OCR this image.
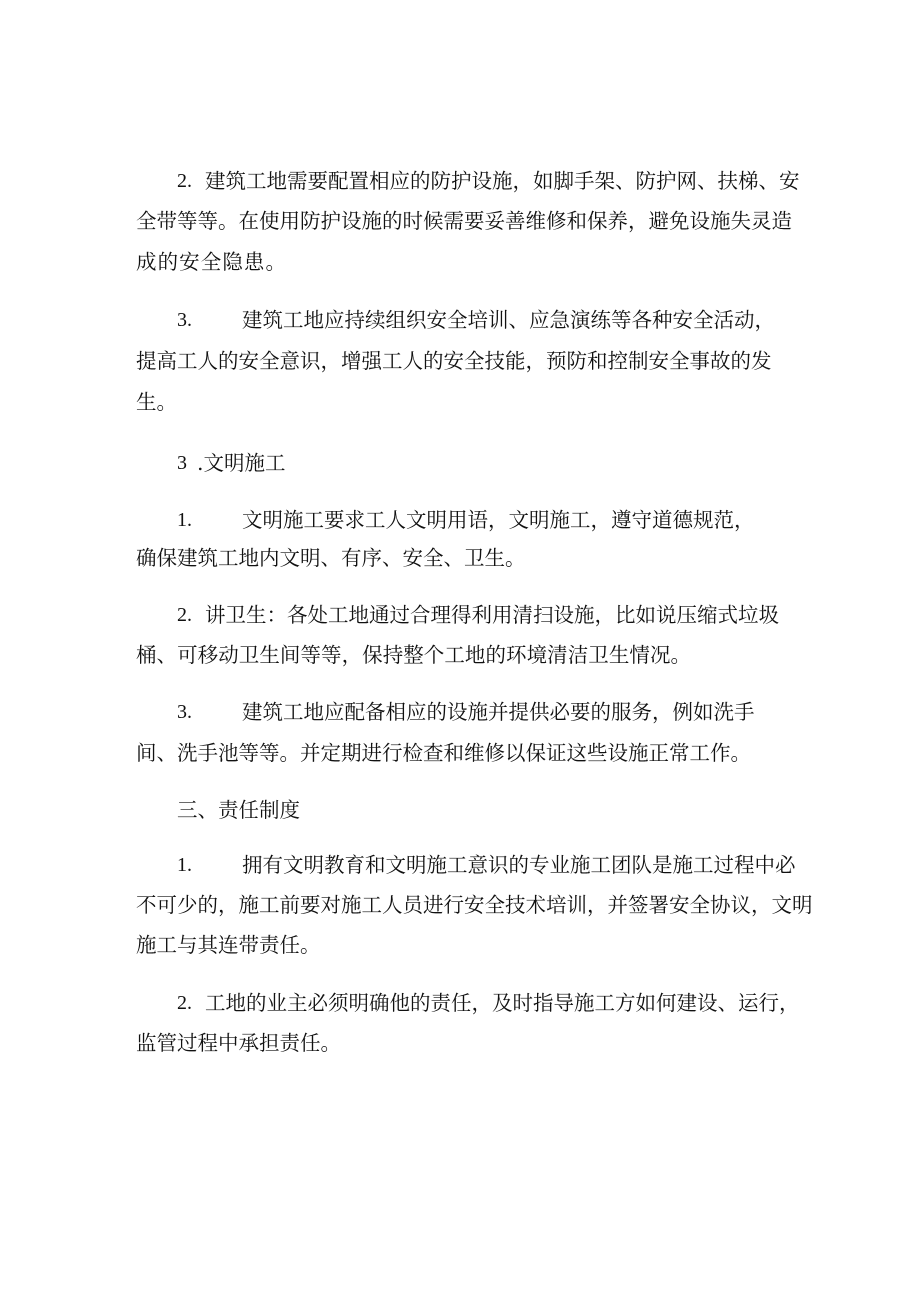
2. 建筑工地需要配置相应的防护设施，如脚手架、防护网、扶梯、安
全带等等。在使用防护设施的时候需要妥善维修和保养，避免设施失灵造
成的安全隐患。
3. 建筑工地应持续组织安全培训、应急演练等各种安全活动，
提高工人的安全意识，增强工人的安全技能，预防和控制安全事故的发
生。
3 .文明施工
1. 文明施工要求工人文明用语，文明施工，遵守道德规范，
确保建筑工地内文明、有序、安全、卫生。
2. 讲卫生：各处工地通过合理得利用清扫设施，比如说压缩式垃圾
桶、可移动卫生间等等，保持整个工地的环境清洁卫生情况。
3. 建筑工地应配备相应的设施并提供必要的服务，例如洗手
间、洗手池等等。并定期进行检查和维修以保证这些设施正常工作。
三、责任制度
1. 拥有文明教育和文明施工意识的专业施工团队是施工过程中必
不可少的，施工前要对施工人员进行安全技术培训，并签署安全协议，文明
施工与其连带责任。
2. 工地的业主必须明确他的责任，及时指导施工方如何建设、运行，
监管过程中承担责任。
